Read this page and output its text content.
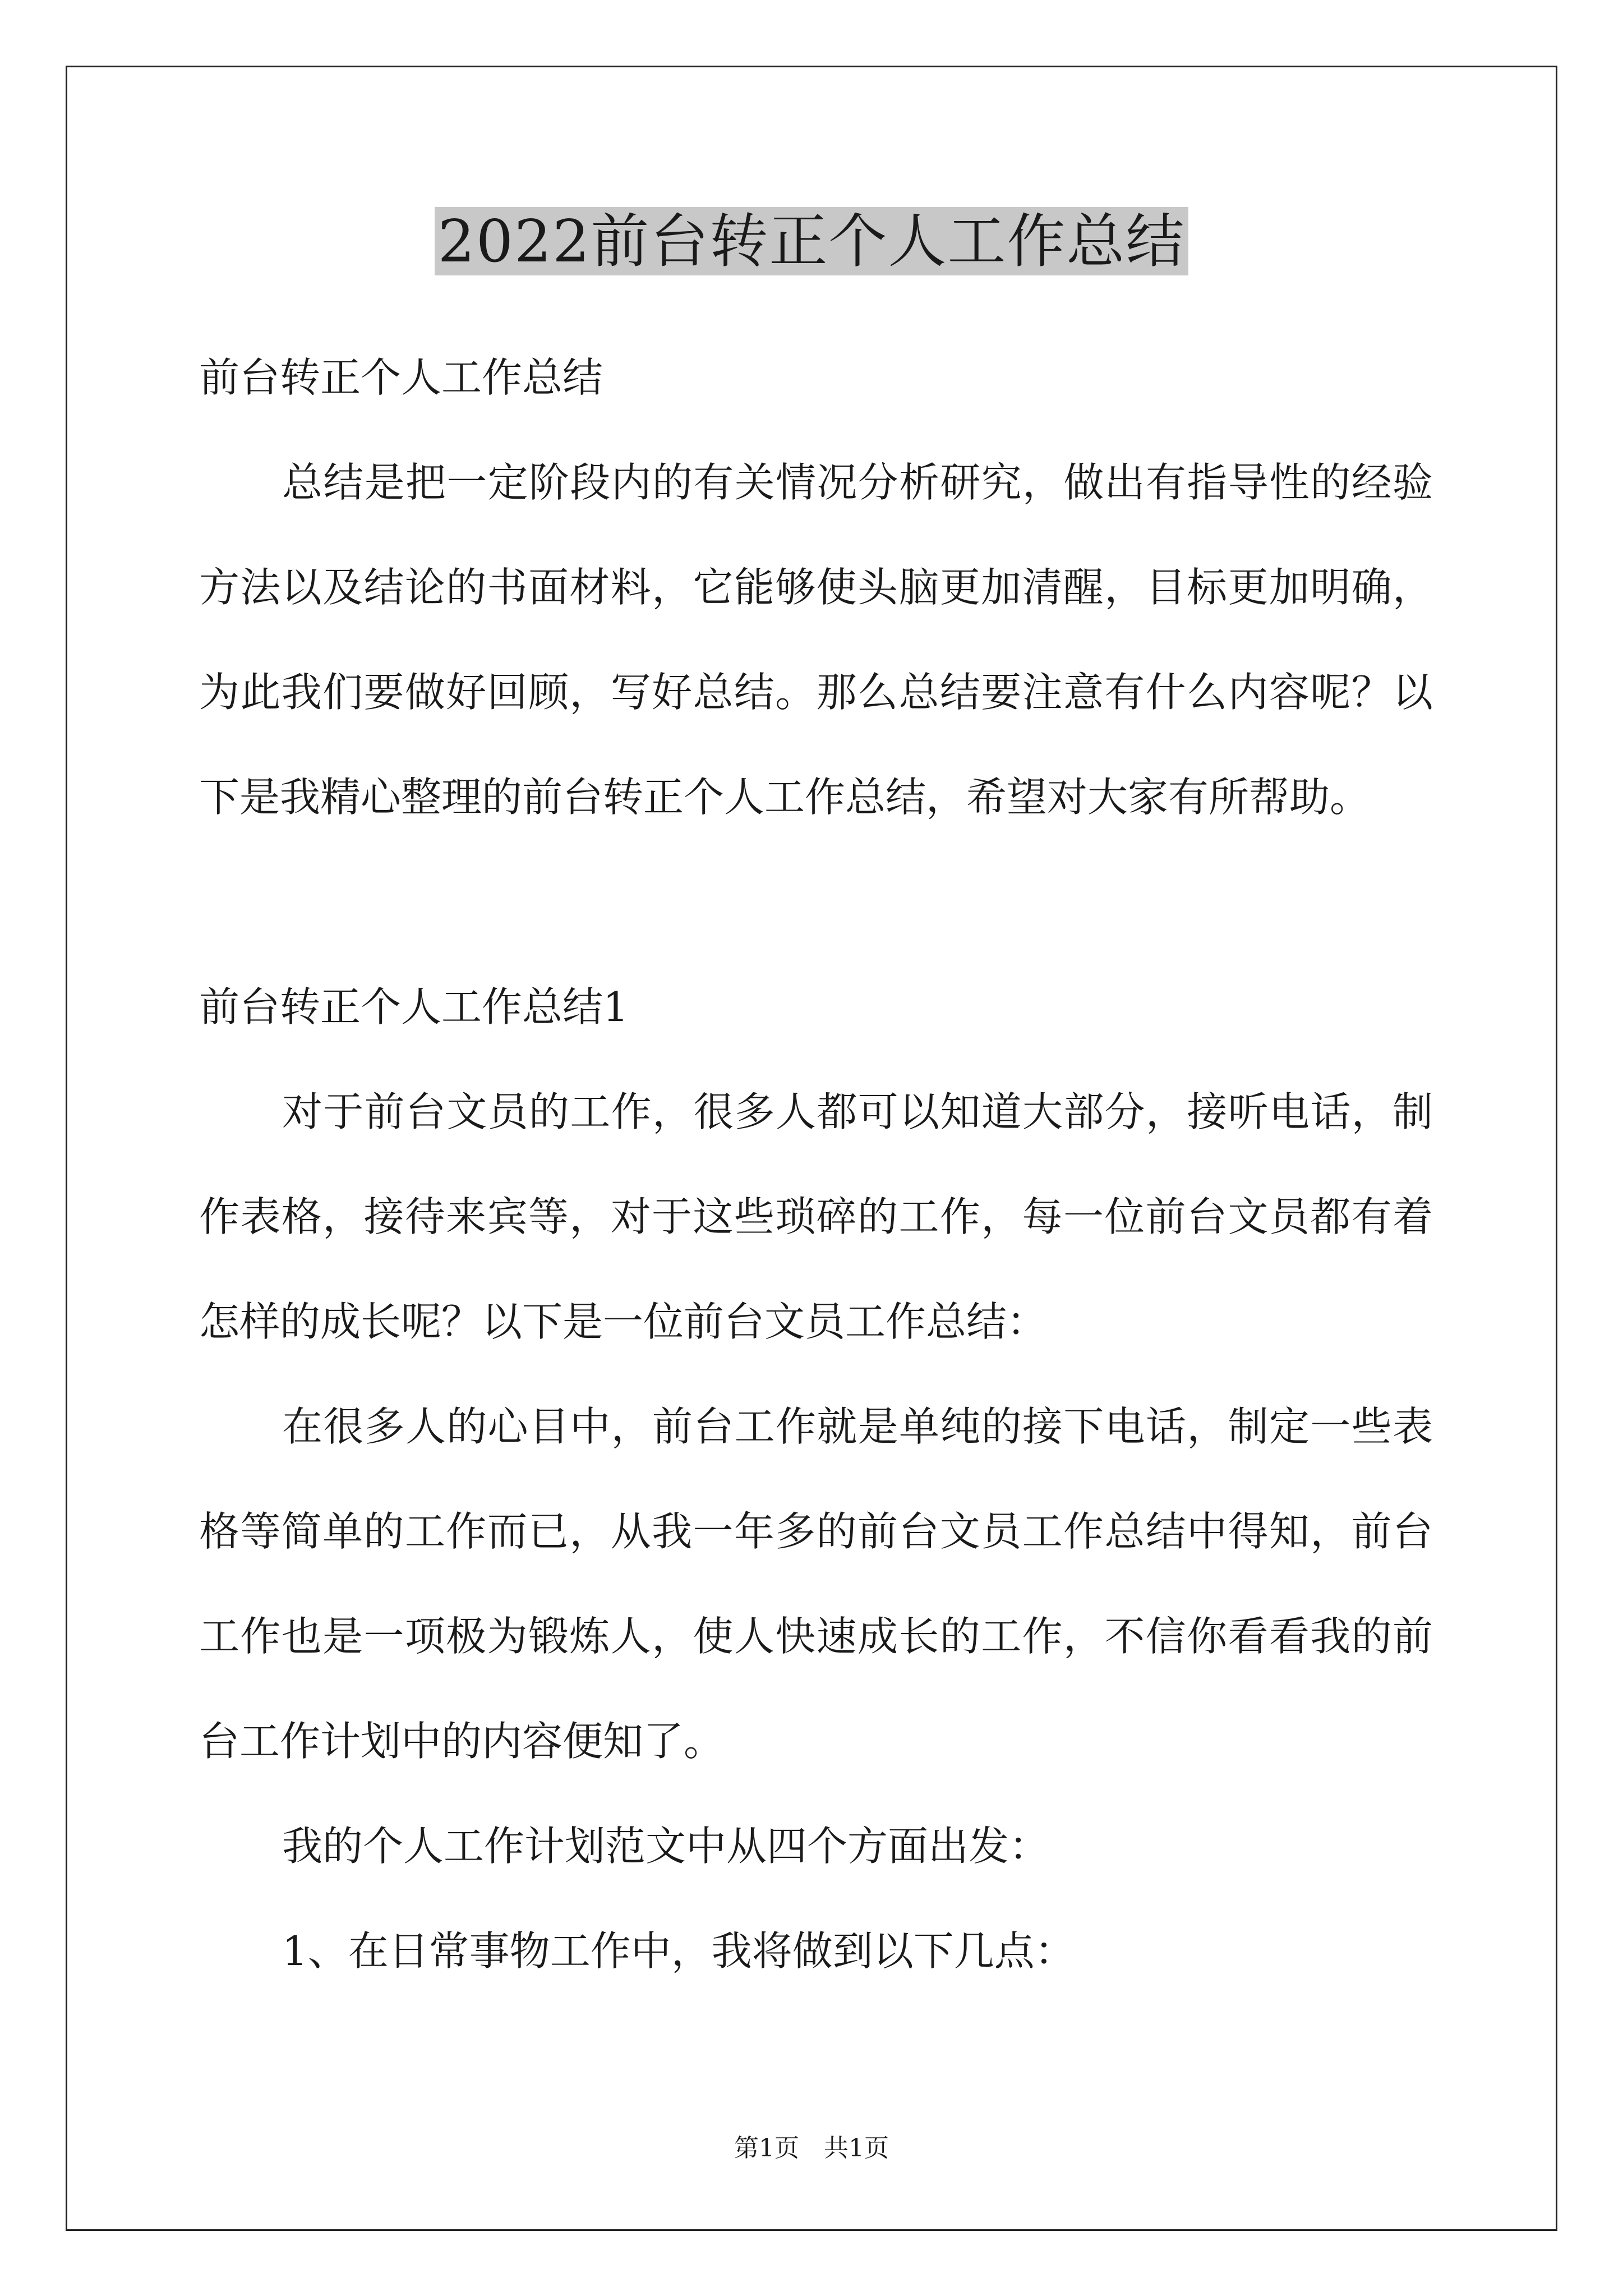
2022前台转正个人工作总结
前台转正个人工作总结
总结是把一定阶段内的有关情况分析研究，做出有指导性的经验
方法以及结论的书面材料，它能够使头脑更加清醒，目标更加明确，
为此我们要做好回顾，写好总结。那么总结要注意有什么内容呢？以
下是我精心整理的前台转正个人工作总结，希望对大家有所帮助。
前台转正个人工作总结1
对于前台文员的工作，很多人都可以知道大部分，接听电话，制
作表格，接待来宾等，对于这些琐碎的工作，每一位前台文员都有着
怎样的成长呢？以下是一位前台文员工作总结：
在很多人的心目中，前台工作就是单纯的接下电话，制定一些表
格等简单的工作而已，从我一年多的前台文员工作总结中得知，前台
工作也是一项极为锻炼人，使人快速成长的工作，不信你看看我的前
台工作计划中的内容便知了。
我的个人工作计划范文中从四个方面出发：
1、在日常事物工作中，我将做到以下几点：
第1页　共1页
